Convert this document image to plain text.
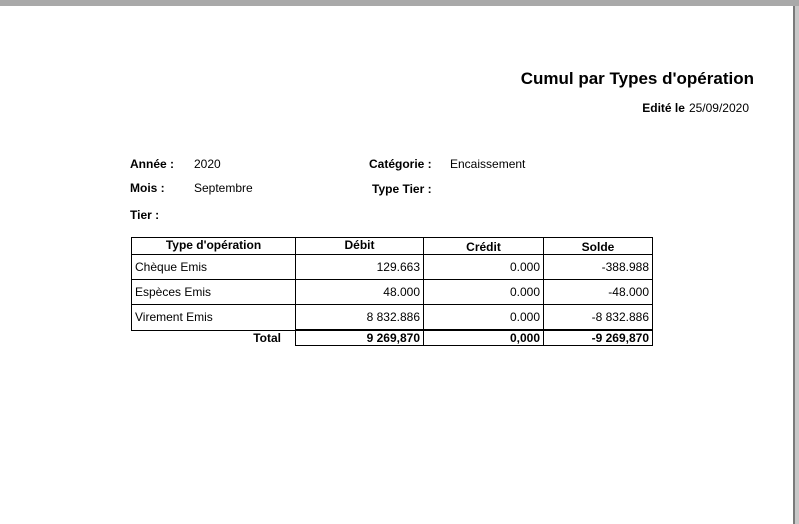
Cumul par Types d'opération
Edité le 25/09/2020
Année : 2020
Mois : Septembre
Tier :
Catégorie : Encaissement
Type Tier :
Type d'opération	Débit	Crédit	Solde
Chèque Emis	129.663	0.000	-388.988
Espèces Emis	48.000	0.000	-48.000
Virement Emis	8 832.886	0.000	-8 832.886
Total	9 269,870	0,000	-9 269,870
